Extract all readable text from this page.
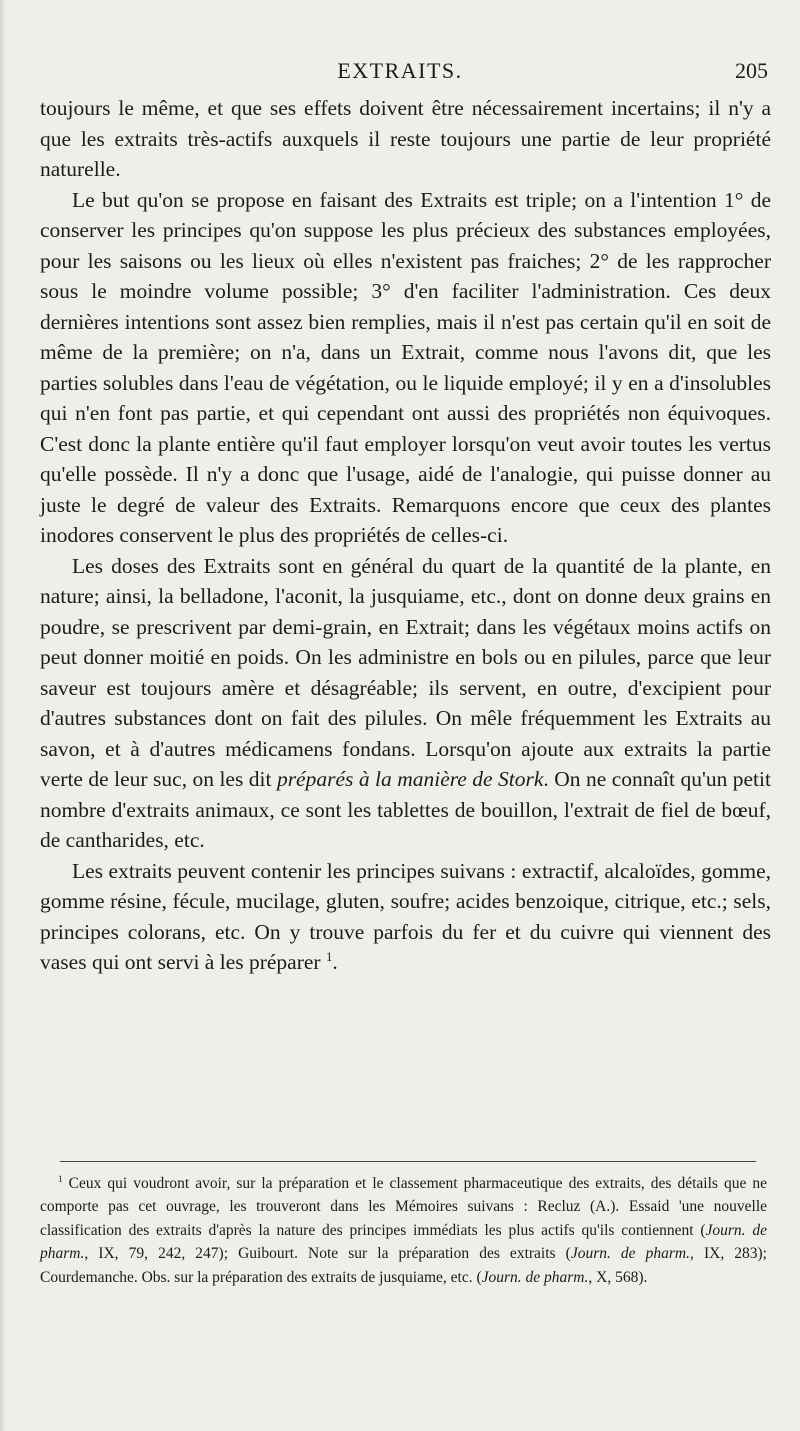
EXTRAITS.	205

toujours le même, et que ses effets doivent être nécessairement incertains; il n'y a que les extraits très-actifs auxquels il reste toujours une partie de leur propriété naturelle.

Le but qu'on se propose en faisant des Extraits est triple; on a l'intention 1° de conserver les principes qu'on suppose les plus précieux des substances employées, pour les saisons ou les lieux où elles n'existent pas fraiches; 2° de les rapprocher sous le moindre volume possible; 3° d'en faciliter l'administration. Ces deux dernières intentions sont assez bien remplies, mais il n'est pas certain qu'il en soit de même de la première; on n'a, dans un Extrait, comme nous l'avons dit, que les parties solubles dans l'eau de végétation, ou le liquide employé; il y en a d'insolubles qui n'en font pas partie, et qui cependant ont aussi des propriétés non équivoques. C'est donc la plante entière qu'il faut employer lorsqu'on veut avoir toutes les vertus qu'elle possède. Il n'y a donc que l'usage, aidé de l'analogie, qui puisse donner au juste le degré de valeur des Extraits. Remarquons encore que ceux des plantes inodores conservent le plus des propriétés de celles-ci.

Les doses des Extraits sont en général du quart de la quantité de la plante, en nature; ainsi, la belladone, l'aconit, la jusquiame, etc., dont on donne deux grains en poudre, se prescrivent par demi-grain, en Extrait; dans les végétaux moins actifs on peut donner moitié en poids. On les administre en bols ou en pilules, parce que leur saveur est toujours amère et désagréable; ils servent, en outre, d'excipient pour d'autres substances dont on fait des pilules. On mêle fréquemment les Extraits au savon, et à d'autres médicamens fondans. Lorsqu'on ajoute aux extraits la partie verte de leur suc, on les dit préparés à la manière de Stork. On ne connaît qu'un petit nombre d'extraits animaux, ce sont les tablettes de bouillon, l'extrait de fiel de bœuf, de cantharides, etc.

Les extraits peuvent contenir les principes suivans : extractif, alcaloïdes, gomme, gomme résine, fécule, mucilage, gluten, soufre; acides benzoique, citrique, etc.; sels, principes colorans, etc. On y trouve parfois du fer et du cuivre qui viennent des vases qui ont servi à les préparer $^1$.

$^1$ Ceux qui voudront avoir, sur la préparation et le classement pharmaceutique des extraits, des détails que ne comporte pas cet ouvrage, les trouveront dans les Mémoires suivans : Recluz (A.). Essaid 'une nouvelle classification des extraits d'après la nature des principes immédiats les plus actifs qu'ils contiennent (Journ. de pharm., IX, 79, 242, 247); Guibourt. Note sur la préparation des extraits (Journ. de pharm., IX, 283); Courdemanche. Obs. sur la préparation des extraits de jusquiame, etc. (Journ. de pharm., X, 568).
